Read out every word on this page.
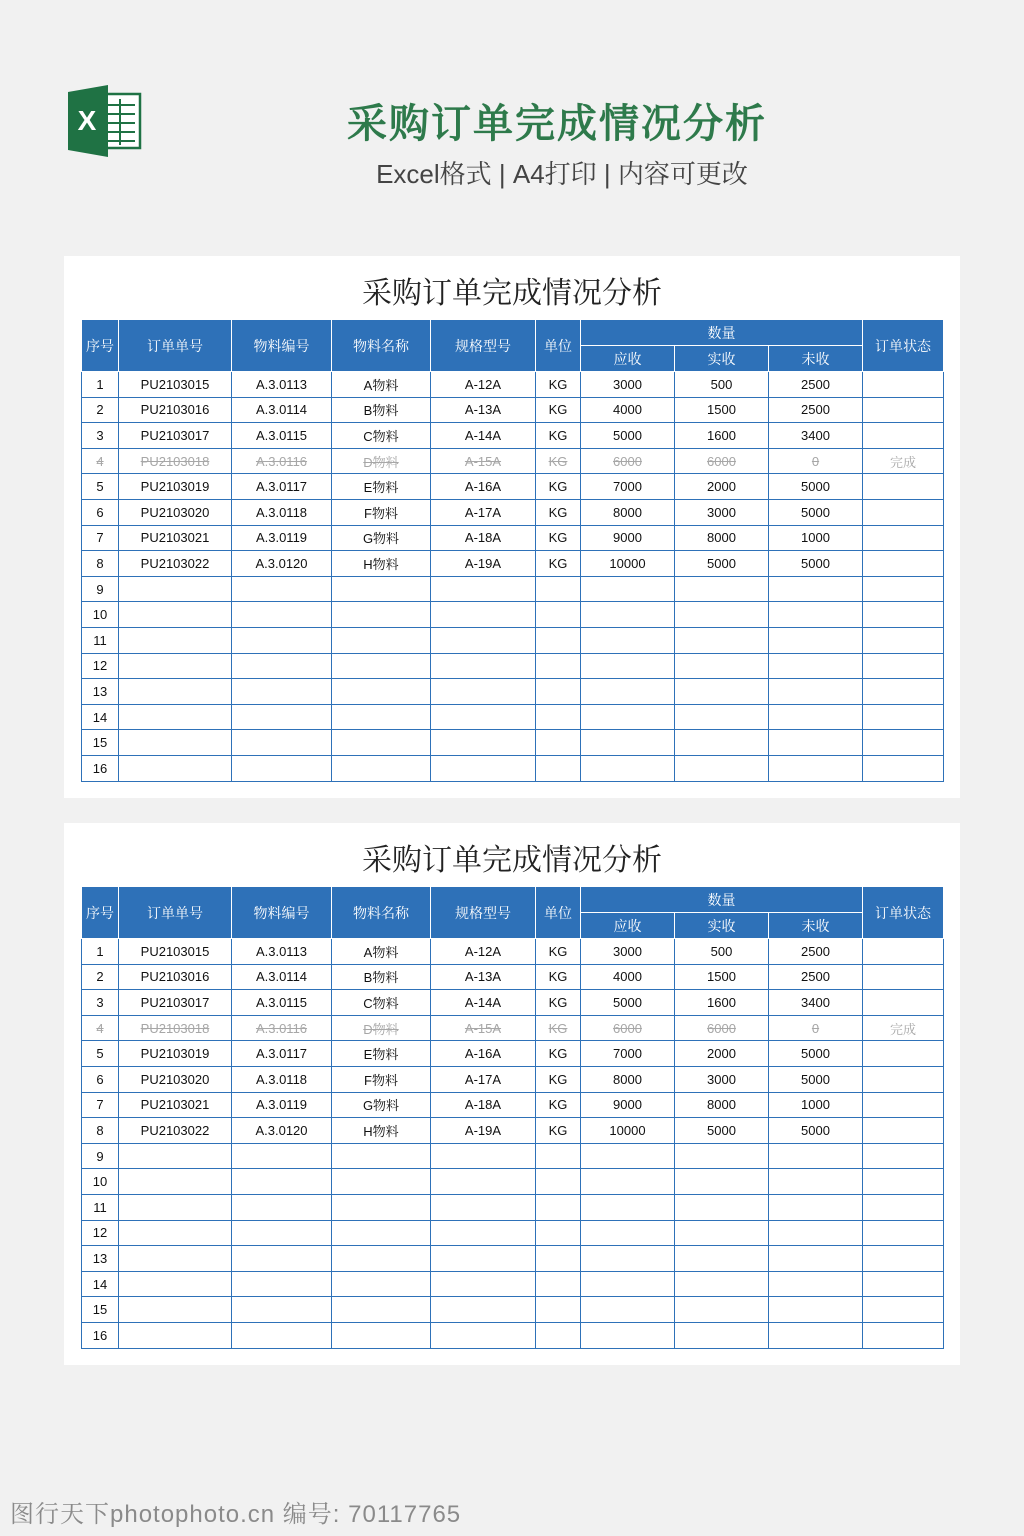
X	采购订单完成情况分析
Excel格式 | A4打印 | 内容可更改
采购订单完成情况分析
序号	订单单号	物料编号	物料名称	规格型号	单位	数量			订单状态
						应收	实收	未收	
1	PU2103015	A.3.0113	A物料	A-12A	KG	3000	500	2500	
2	PU2103016	A.3.0114	B物料	A-13A	KG	4000	1500	2500	
3	PU2103017	A.3.0115	C物料	A-14A	KG	5000	1600	3400	
4	PU2103018	A.3.0116	D物料	A-15A	KG	6000	6000	0	完成
5	PU2103019	A.3.0117	E物料	A-16A	KG	7000	2000	5000	
6	PU2103020	A.3.0118	F物料	A-17A	KG	8000	3000	5000	
7	PU2103021	A.3.0119	G物料	A-18A	KG	9000	8000	1000	
8	PU2103022	A.3.0120	H物料	A-19A	KG	10000	5000	5000	
9									
10									
11									
12									
13									
14									
15									
16									
采购订单完成情况分析
序号	订单单号	物料编号	物料名称	规格型号	单位	数量			订单状态
						应收	实收	未收	
1	PU2103015	A.3.0113	A物料	A-12A	KG	3000	500	2500	
2	PU2103016	A.3.0114	B物料	A-13A	KG	4000	1500	2500	
3	PU2103017	A.3.0115	C物料	A-14A	KG	5000	1600	3400	
4	PU2103018	A.3.0116	D物料	A-15A	KG	6000	6000	0	完成
5	PU2103019	A.3.0117	E物料	A-16A	KG	7000	2000	5000	
6	PU2103020	A.3.0118	F物料	A-17A	KG	8000	3000	5000	
7	PU2103021	A.3.0119	G物料	A-18A	KG	9000	8000	1000	
8	PU2103022	A.3.0120	H物料	A-19A	KG	10000	5000	5000	
9									
10									
11									
12									
13									
14									
15									
16									
图行天下photophoto.cn 编号: 70117765
